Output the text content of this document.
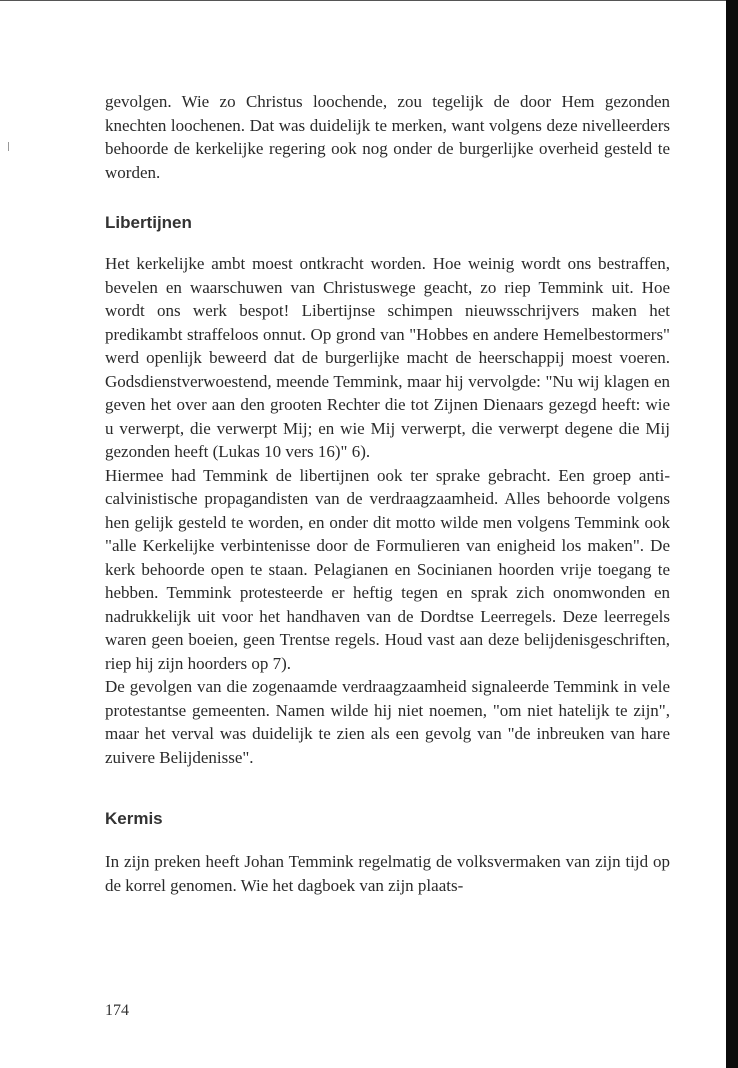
gevolgen. Wie zo Christus loochende, zou tegelijk de door Hem gezonden knechten loochenen. Dat was duidelijk te merken, want volgens deze nivelleerders behoorde de kerkelijke regering ook nog onder de burgerlijke overheid gesteld te worden.

Libertijnen

Het kerkelijke ambt moest ontkracht worden. Hoe weinig wordt ons bestraffen, bevelen en waarschuwen van Christuswege geacht, zo riep Temmink uit. Hoe wordt ons werk bespot! Libertijnse schimpen nieuwsschrijvers maken het predikambt straffeloos onnut. Op grond van "Hobbes en andere Hemelbestormers" werd openlijk beweerd dat de burgerlijke macht de heerschappij moest voeren. Godsdienstverwoestend, meende Temmink, maar hij vervolgde: "Nu wij klagen en geven het over aan den grooten Rechter die tot Zijnen Dienaars gezegd heeft: wie u verwerpt, die verwerpt Mij; en wie Mij verwerpt, die verwerpt degene die Mij gezonden heeft (Lukas 10 vers 16)" 6).

Hiermee had Temmink de libertijnen ook ter sprake gebracht. Een groep anti-calvinistische propagandisten van de verdraagzaamheid. Alles behoorde volgens hen gelijk gesteld te worden, en onder dit motto wilde men volgens Temmink ook "alle Kerkelijke verbintenisse door de Formulieren van enigheid los maken". De kerk behoorde open te staan. Pelagianen en Socinianen hoorden vrije toegang te hebben. Temmink protesteerde er heftig tegen en sprak zich onomwonden en nadrukkelijk uit voor het handhaven van de Dordtse Leerregels. Deze leerregels waren geen boeien, geen Trentse regels. Houd vast aan deze belijdenisgeschriften, riep hij zijn hoorders op 7).

De gevolgen van die zogenaamde verdraagzaamheid signaleerde Temmink in vele protestantse gemeenten. Namen wilde hij niet noemen, "om niet hatelijk te zijn", maar het verval was duidelijk te zien als een gevolg van "de inbreuken van hare zuivere Belijdenisse".

Kermis

In zijn preken heeft Johan Temmink regelmatig de volksvermaken van zijn tijd op de korrel genomen. Wie het dagboek van zijn plaats-

174
